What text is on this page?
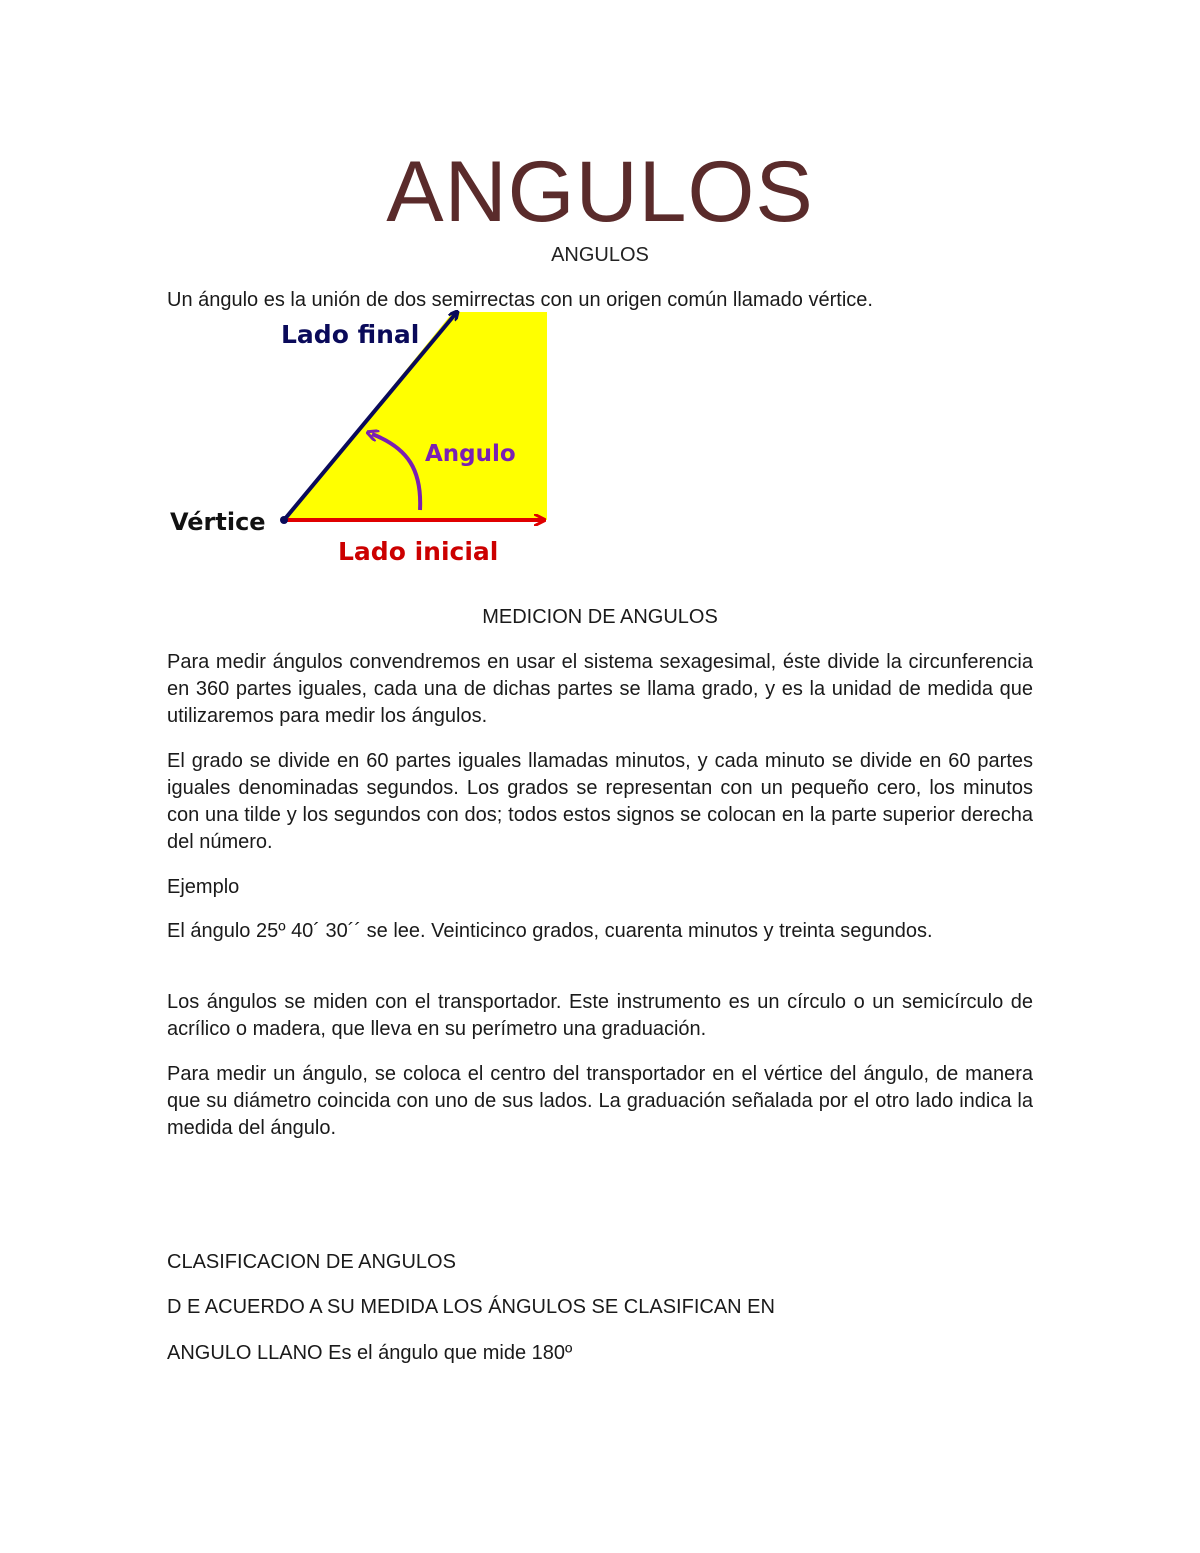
ANGULOS
ANGULOS
Un ángulo es la unión de dos semirrectas con un origen común llamado vértice.
Lado final
Angulo
Vértice
Lado inicial
MEDICION DE ANGULOS

Para medir ángulos convendremos en usar el sistema sexagesimal, éste divide la circunferencia en 360 partes iguales, cada una de dichas partes se llama grado, y es la unidad de medida que utilizaremos para medir los ángulos.

El grado se divide en 60 partes iguales llamadas minutos, y cada minuto se divide en 60 partes iguales denominadas segundos. Los grados se representan con un pequeño cero, los minutos con una tilde y los segundos con dos; todos estos signos se colocan en la parte superior derecha del número.

Ejemplo

El ángulo 25º 40´ 30´´ se lee. Veinticinco grados, cuarenta minutos y treinta segundos.

Los ángulos se miden con el transportador. Este instrumento es un círculo o un semicírculo de acrílico o madera, que lleva en su perímetro una graduación.

Para medir un ángulo, se coloca el centro del transportador en el vértice del ángulo, de manera que su diámetro coincida con uno de sus lados. La graduación señalada por el otro lado indica la medida del ángulo.

CLASIFICACION DE ANGULOS
D E ACUERDO A SU MEDIDA LOS ÁNGULOS SE CLASIFICAN EN
ANGULO LLANO Es el ángulo que mide 180º
